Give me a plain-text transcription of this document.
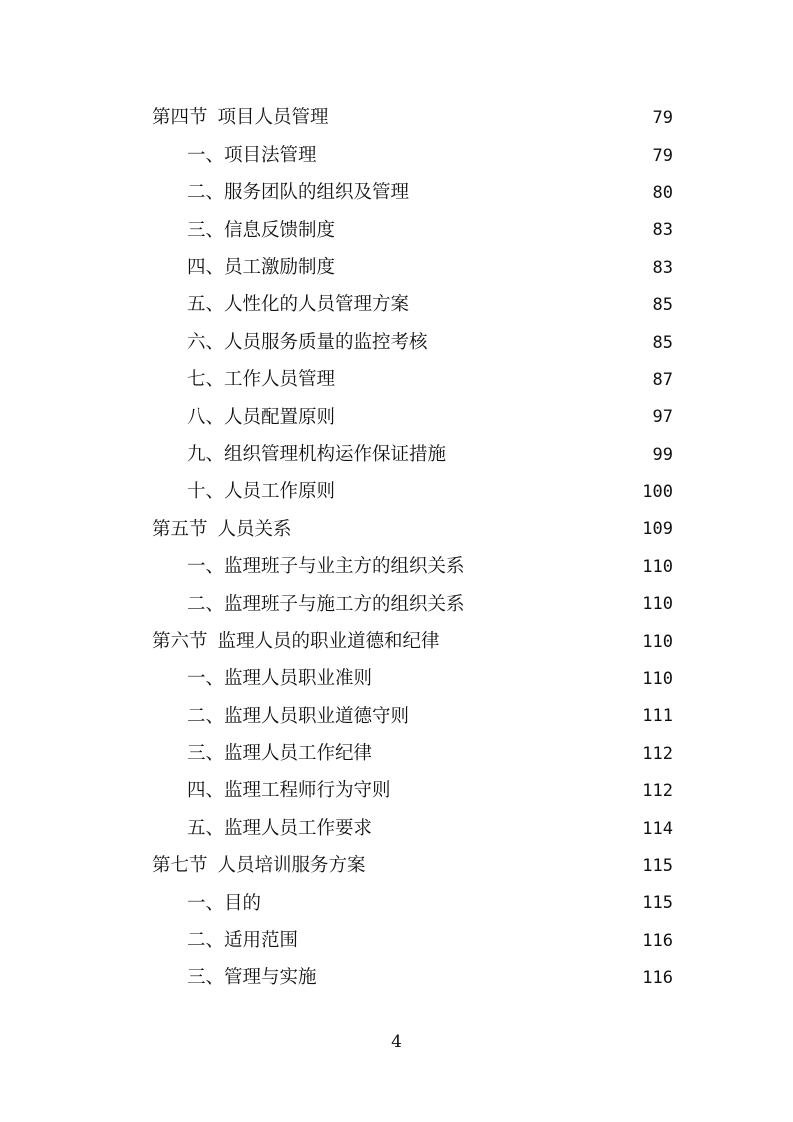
第四节 项目人员管理	79
一、项目法管理	79
二、服务团队的组织及管理	80
三、信息反馈制度	83
四、员工激励制度	83
五、人性化的人员管理方案	85
六、人员服务质量的监控考核	85
七、工作人员管理	87
八、人员配置原则	97
九、组织管理机构运作保证措施	99
十、人员工作原则	100
第五节 人员关系	109
一、监理班子与业主方的组织关系	110
二、监理班子与施工方的组织关系	110
第六节 监理人员的职业道德和纪律	110
一、监理人员职业准则	110
二、监理人员职业道德守则	111
三、监理人员工作纪律	112
四、监理工程师行为守则	112
五、监理人员工作要求	114
第七节 人员培训服务方案	115
一、目的	115
二、适用范围	116
三、管理与实施	116
4
